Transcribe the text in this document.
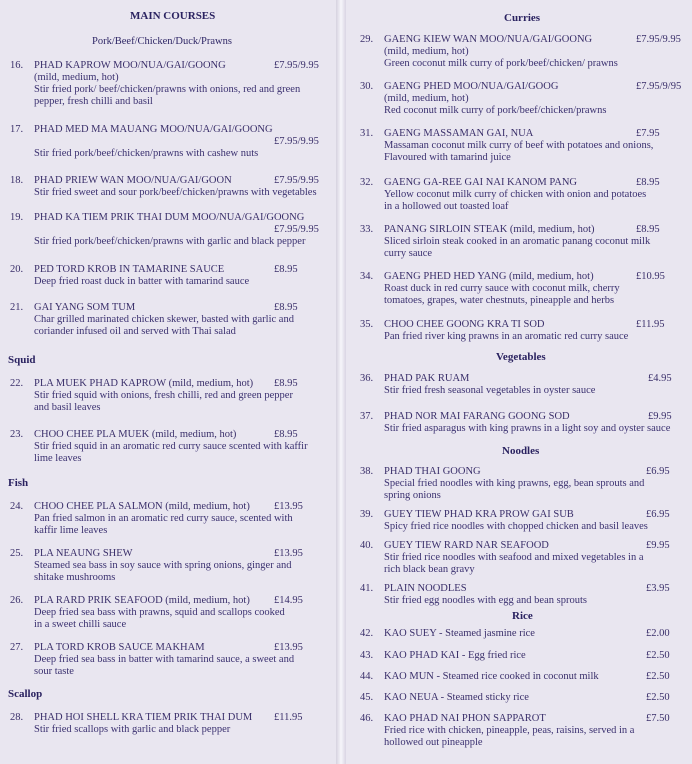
MAIN COURSES
Pork/Beef/Chicken/Duck/Prawns
Squid
Fish
Scallop
16. PHAD KAPROW MOO/NUA/GAI/GOONG	£7.95/9.95
(mild, medium, hot)
Stir fried pork/ beef/chicken/prawns with onions, red and green
pepper, fresh chilli and basil
17. PHAD MED MA MAUANG MOO/NUA/GAI/GOONG
£7.95/9.95
Stir fried pork/beef/chicken/prawns with cashew nuts
18. PHAD PRIEW WAN MOO/NUA/GAI/GOON	£7.95/9.95
Stir fried sweet and sour pork/beef/chicken/prawns with vegetables
19. PHAD KA TIEM PRIK THAI DUM MOO/NUA/GAI/GOONG
£7.95/9.95
Stir fried pork/beef/chicken/prawns with garlic and black pepper
20. PED TORD KROB IN TAMARINE SAUCE	£8.95
Deep fried roast duck in batter with tamarind sauce
21. GAI YANG SOM TUM	£8.95
Char grilled marinated chicken skewer, basted with garlic and
coriander infused oil and served with Thai salad
22. PLA MUEK PHAD KAPROW (mild, medium, hot)	£8.95
Stir fried squid with onions, fresh chilli, red and green pepper
and basil leaves
23. CHOO CHEE PLA MUEK (mild, medium, hot)	£8.95
Stir fried squid in an aromatic red curry sauce scented with kaffir
lime leaves
24. CHOO CHEE PLA SALMON (mild, medium, hot)	£13.95
Pan fried salmon in an aromatic red curry sauce, scented with
kaffir lime leaves
25. PLA NEAUNG SHEW	£13.95
Steamed sea bass in soy sauce with spring onions, ginger and
shitake mushrooms
26. PLA RARD PRIK SEAFOOD (mild, medium, hot)	£14.95
Deep fried sea bass with prawns, squid and scallops cooked
in a sweet chilli sauce
27. PLA TORD KROB SAUCE MAKHAM	£13.95
Deep fried sea bass in batter with tamarind sauce, a sweet and
sour taste
28. PHAD HOI SHELL KRA TIEM PRIK THAI DUM	£11.95
Stir fried scallops with garlic and black pepper
Curries
Vegetables
Noodles
Rice
29. GAENG KIEW WAN MOO/NUA/GAI/GOONG	£7.95/9.95
(mild, medium, hot)
Green coconut milk curry of pork/beef/chicken/ prawns
30. GAENG PHED MOO/NUA/GAI/GOOG	£7.95/9/95
(mild, medium, hot)
Red coconut milk curry of pork/beef/chicken/prawns
31. GAENG MASSAMAN GAI, NUA	£7.95
Massaman coconut milk curry of beef with potatoes and onions,
Flavoured with tamarind juice
32. GAENG GA-REE GAI NAI KANOM PANG	£8.95
Yellow coconut milk curry of chicken with onion and potatoes
in a hollowed out toasted loaf
33. PANANG SIRLOIN STEAK (mild, medium, hot)	£8.95
Sliced sirloin steak cooked in an aromatic panang coconut milk
curry sauce
34. GAENG PHED HED YANG (mild, medium, hot)	£10.95
Roast duck in red curry sauce with coconut milk, cherry
tomatoes, grapes, water chestnuts, pineapple and herbs
35. CHOO CHEE GOONG KRA TI SOD	£11.95
Pan fried river king prawns in an aromatic red curry sauce
36. PHAD PAK RUAM	£4.95
Stir fried fresh seasonal vegetables in oyster sauce
37. PHAD NOR MAI FARANG GOONG SOD	£9.95
Stir fried asparagus with king prawns in a light soy and oyster sauce
38. PHAD THAI GOONG	£6.95
Special fried noodles with king prawns, egg, bean sprouts and
spring onions
39. GUEY TIEW PHAD KRA PROW GAI SUB	£6.95
Spicy fried rice noodles with chopped chicken and basil leaves
40. GUEY TIEW RARD NAR SEAFOOD	£9.95
Stir fried rice noodles with seafood and mixed vegetables in a
rich black bean gravy
41. PLAIN NOODLES	£3.95
Stir fried egg noodles with egg and bean sprouts
42. KAO SUEY - Steamed jasmine rice	£2.00
43. KAO PHAD KAI - Egg fried rice	£2.50
44. KAO MUN - Steamed rice cooked in coconut milk	£2.50
45. KAO NEUA - Steamed sticky rice	£2.50
46. KAO PHAD NAI PHON SAPPAROT	£7.50
Fried rice with chicken, pineapple, peas, raisins, served in a
hollowed out pineapple
